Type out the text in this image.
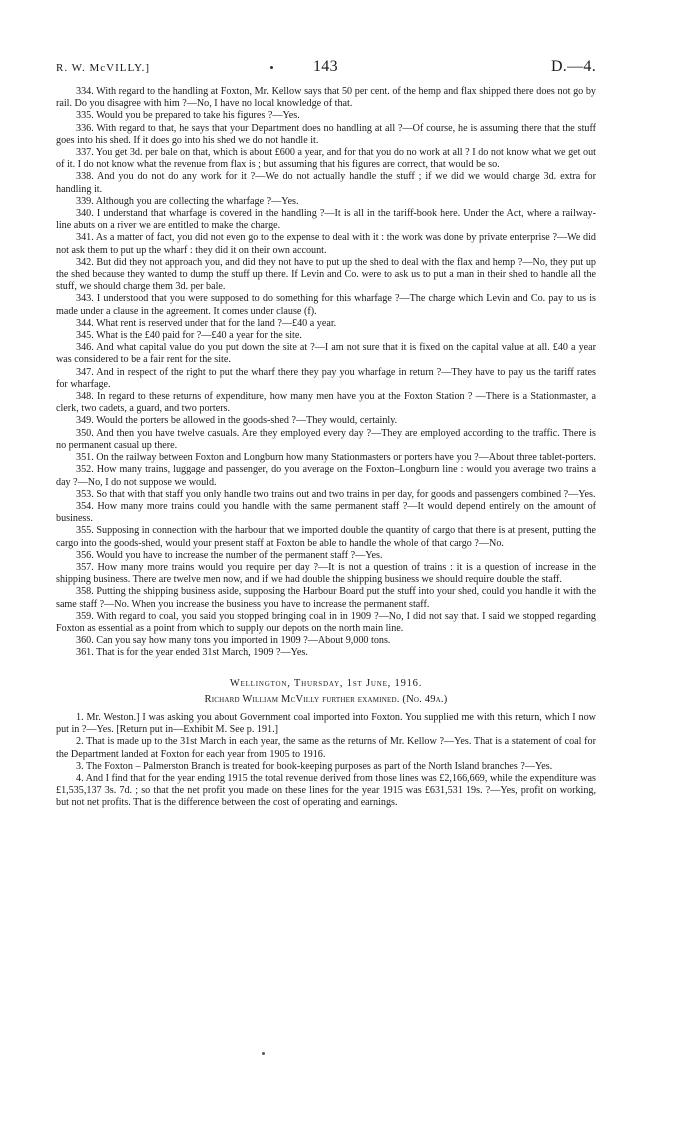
R. W. McVILLY.]	143	D.—4.

334. With regard to the handling at Foxton, Mr. Kellow says that 50 per cent. of the hemp and flax shipped there does not go by rail. Do you disagree with him ?—No, I have no local knowledge of that.

335. Would you be prepared to take his figures ?—Yes.

336. With regard to that, he says that your Department does no handling at all ?—Of course, he is assuming there that the stuff goes into his shed. If it does go into his shed we do not handle it.

337. You get 3d. per bale on that, which is about £600 a year, and for that you do no work at all ? I do not know what we get out of it. I do not know what the revenue from flax is ; but assuming that his figures are correct, that would be so.

338. And you do not do any work for it ?—We do not actually handle the stuff ; if we did we would charge 3d. extra for handling it.

339. Although you are collecting the wharfage ?—Yes.

340. I understand that wharfage is covered in the handling ?—It is all in the tariff-book here. Under the Act, where a railway-line abuts on a river we are entitled to make the charge.

341. As a matter of fact, you did not even go to the expense to deal with it : the work was done by private enterprise ?—We did not ask them to put up the wharf : they did it on their own account.

342. But did they not approach you, and did they not have to put up the shed to deal with the flax and hemp ?—No, they put up the shed because they wanted to dump the stuff up there. If Levin and Co. were to ask us to put a man in their shed to handle all the stuff, we should charge them 3d. per bale.

343. I understood that you were supposed to do something for this wharfage ?—The charge which Levin and Co. pay to us is made under a clause in the agreement. It comes under clause (f).

344. What rent is reserved under that for the land ?—£40 a year.

345. What is the £40 paid for ?—£40 a year for the site.

346. And what capital value do you put down the site at ?—I am not sure that it is fixed on the capital value at all. £40 a year was considered to be a fair rent for the site.

347. And in respect of the right to put the wharf there they pay you wharfage in return ?—They have to pay us the tariff rates for wharfage.

348. In regard to these returns of expenditure, how many men have you at the Foxton Station ? —There is a Stationmaster, a clerk, two cadets, a guard, and two porters.

349. Would the porters be allowed in the goods-shed ?—They would, certainly.

350. And then you have twelve casuals. Are they employed every day ?—They are employed according to the traffic. There is no permanent casual up there.

351. On the railway between Foxton and Longburn how many Stationmasters or porters have you ?—About three tablet-porters.

352. How many trains, luggage and passenger, do you average on the Foxton–Longburn line : would you average two trains a day ?—No, I do not suppose we would.

353. So that with that staff you only handle two trains out and two trains in per day, for goods and passengers combined ?—Yes.

354. How many more trains could you handle with the same permanent staff ?—It would depend entirely on the amount of business.

355. Supposing in connection with the harbour that we imported double the quantity of cargo that there is at present, putting the cargo into the goods-shed, would your present staff at Foxton be able to handle the whole of that cargo ?—No.

356. Would you have to increase the number of the permanent staff ?—Yes.

357. How many more trains would you require per day ?—It is not a question of trains : it is a question of increase in the shipping business. There are twelve men now, and if we had double the shipping business we should require double the staff.

358. Putting the shipping business aside, supposing the Harbour Board put the stuff into your shed, could you handle it with the same staff ?—No. When you increase the business you have to increase the permanent staff.

359. With regard to coal, you said you stopped bringing coal in in 1909 ?—No, I did not say that. I said we stopped regarding Foxton as essential as a point from which to supply our depots on the north main line.

360. Can you say how many tons you imported in 1909 ?—About 9,000 tons.

361. That is for the year ended 31st March, 1909 ?—Yes.

Wellington, Thursday, 1st June, 1916.

Richard William McVilly further examined. (No. 49a.)

1. Mr. Weston.] I was asking you about Government coal imported into Foxton. You supplied me with this return, which I now put in ?—Yes. [Return put in—Exhibit M. See p. 191.]

2. That is made up to the 31st March in each year, the same as the returns of Mr. Kellow ?—Yes. That is a statement of coal for the Department landed at Foxton for each year from 1905 to 1916.

3. The Foxton – Palmerston Branch is treated for book-keeping purposes as part of the North Island branches ?—Yes.

4. And I find that for the year ending 1915 the total revenue derived from those lines was £2,166,669, while the expenditure was £1,535,137 3s. 7d. ; so that the net profit you made on these lines for the year 1915 was £631,531 19s. ?—Yes, profit on working, but not net profits. That is the difference between the cost of operating and earnings.
